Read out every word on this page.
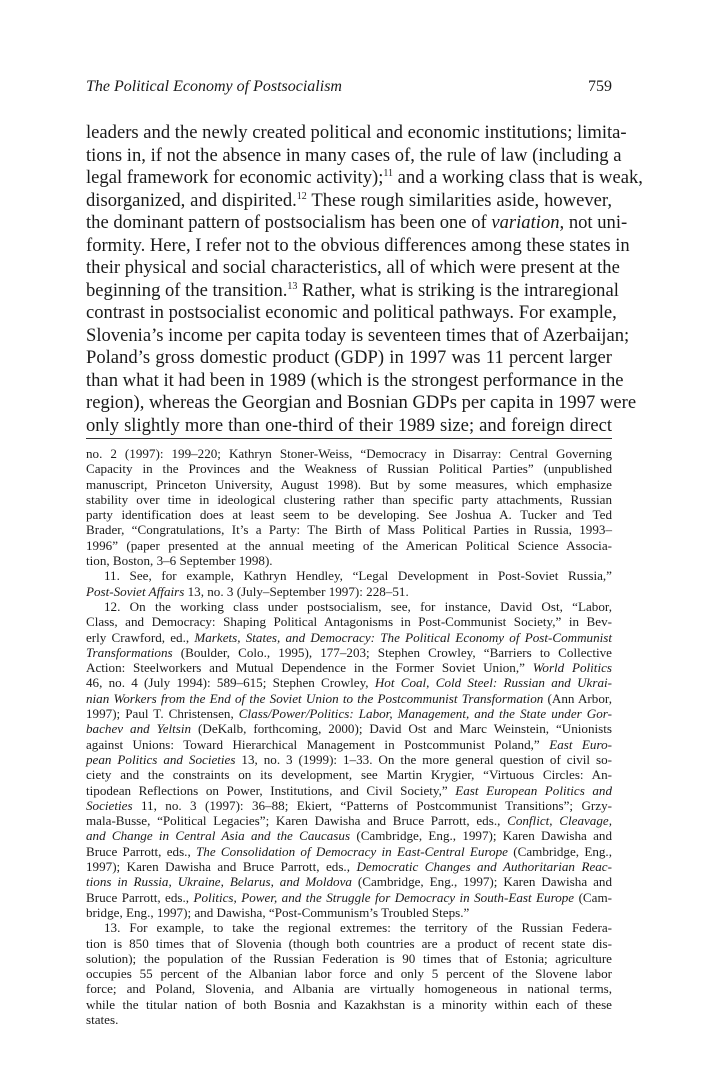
The Political Economy of Postsocialism	759
leaders and the newly created political and economic institutions; limita-
tions in, if not the absence in many cases of, the rule of law (including a
legal framework for economic activity);$^{11}$ and a working class that is weak,
disorganized, and dispirited.$^{12}$ These rough similarities aside, however,
the dominant pattern of postsocialism has been one of variation, not uni-
formity. Here, I refer not to the obvious differences among these states in
their physical and social characteristics, all of which were present at the
beginning of the transition.$^{13}$ Rather, what is striking is the intraregional
contrast in postsocialist economic and political pathways. For example,
Slovenia’s income per capita today is seventeen times that of Azerbaijan;
Poland’s gross domestic product (GDP) in 1997 was 11 percent larger
than what it had been in 1989 (which is the strongest performance in the
region), whereas the Georgian and Bosnian GDPs per capita in 1997 were
only slightly more than one-third of their 1989 size; and foreign direct
no. 2 (1997): 199–220; Kathryn Stoner-Weiss, “Democracy in Disarray: Central Governing
Capacity in the Provinces and the Weakness of Russian Political Parties” (unpublished
manuscript, Princeton University, August 1998). But by some measures, which emphasize
stability over time in ideological clustering rather than specific party attachments, Russian
party identification does at least seem to be developing. See Joshua A. Tucker and Ted
Brader, “Congratulations, It’s a Party: The Birth of Mass Political Parties in Russia, 1993–
1996” (paper presented at the annual meeting of the American Political Science Associa-
tion, Boston, 3–6 September 1998).
11. See, for example, Kathryn Hendley, “Legal Development in Post-Soviet Russia,”
Post-Soviet Affairs 13, no. 3 (July–September 1997): 228–51.
12. On the working class under postsocialism, see, for instance, David Ost, “Labor,
Class, and Democracy: Shaping Political Antagonisms in Post-Communist Society,” in Bev-
erly Crawford, ed., Markets, States, and Democracy: The Political Economy of Post-Communist
Transformations (Boulder, Colo., 1995), 177–203; Stephen Crowley, “Barriers to Collective
Action: Steelworkers and Mutual Dependence in the Former Soviet Union,” World Politics
46, no. 4 (July 1994): 589–615; Stephen Crowley, Hot Coal, Cold Steel: Russian and Ukrai-
nian Workers from the End of the Soviet Union to the Postcommunist Transformation (Ann Arbor,
1997); Paul T. Christensen, Class/Power/Politics: Labor, Management, and the State under Gor-
bachev and Yeltsin (DeKalb, forthcoming, 2000); David Ost and Marc Weinstein, “Unionists
against Unions: Toward Hierarchical Management in Postcommunist Poland,” East Euro-
pean Politics and Societies 13, no. 3 (1999): 1–33. On the more general question of civil so-
ciety and the constraints on its development, see Martin Krygier, “Virtuous Circles: An-
tipodean Reflections on Power, Institutions, and Civil Society,” East European Politics and
Societies 11, no. 3 (1997): 36–88; Ekiert, “Patterns of Postcommunist Transitions”; Grzy-
mala-Busse, “Political Legacies”; Karen Dawisha and Bruce Parrott, eds., Conflict, Cleavage,
and Change in Central Asia and the Caucasus (Cambridge, Eng., 1997); Karen Dawisha and
Bruce Parrott, eds., The Consolidation of Democracy in East-Central Europe (Cambridge, Eng.,
1997); Karen Dawisha and Bruce Parrott, eds., Democratic Changes and Authoritarian Reac-
tions in Russia, Ukraine, Belarus, and Moldova (Cambridge, Eng., 1997); Karen Dawisha and
Bruce Parrott, eds., Politics, Power, and the Struggle for Democracy in South-East Europe (Cam-
bridge, Eng., 1997); and Dawisha, “Post-Communism’s Troubled Steps.”
13. For example, to take the regional extremes: the territory of the Russian Federa-
tion is 850 times that of Slovenia (though both countries are a product of recent state dis-
solution); the population of the Russian Federation is 90 times that of Estonia; agriculture
occupies 55 percent of the Albanian labor force and only 5 percent of the Slovene labor
force; and Poland, Slovenia, and Albania are virtually homogeneous in national terms,
while the titular nation of both Bosnia and Kazakhstan is a minority within each of these
states.
